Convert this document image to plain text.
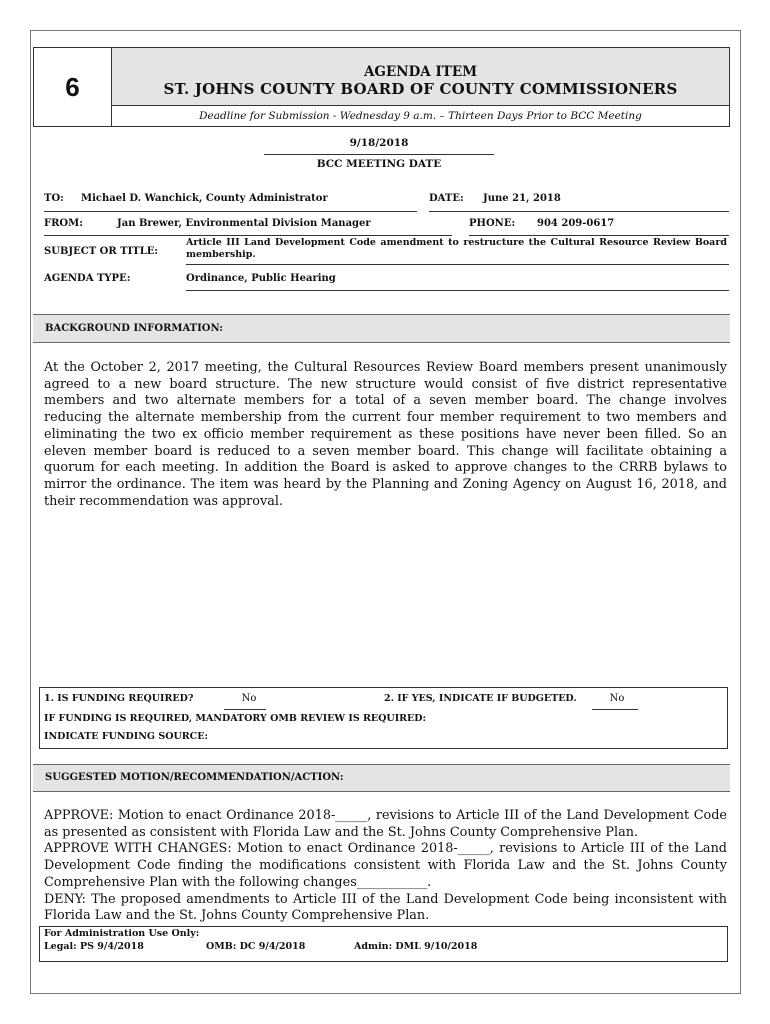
6	AGENDA ITEM
ST. JOHNS COUNTY BOARD OF COUNTY COMMISSIONERS
Deadline for Submission - Wednesday 9 a.m. – Thirteen Days Prior to BCC Meeting
9/18/2018
BCC MEETING DATE
TO: Michael D. Wanchick, County Administrator	DATE: June 21, 2018
FROM:	Jan Brewer, Environmental Division Manager	PHONE: 904 209-0617
SUBJECT OR TITLE:
Article III Land Development Code amendment to restructure the Cultural Resource Review Board membership.
AGENDA TYPE:	Ordinance, Public Hearing
BACKGROUND INFORMATION:
At the October 2, 2017 meeting, the Cultural Resources Review Board members present unanimously agreed to a new board structure. The new structure would consist of five district representative members and two alternate members for a total of a seven member board. The change involves reducing the alternate membership from the current four member requirement to two members and eliminating the two ex officio member requirement as these positions have never been filled. So an eleven member board is reduced to a seven member board. This change will facilitate obtaining a quorum for each meeting. In addition the Board is asked to approve changes to the CRRB bylaws to mirror the ordinance. The item was heard by the Planning and Zoning Agency on August 16, 2018, and their recommendation was approval.
1. IS FUNDING REQUIRED?	No	2. IF YES, INDICATE IF BUDGETED.	No
IF FUNDING IS REQUIRED, MANDATORY OMB REVIEW IS REQUIRED:
INDICATE FUNDING SOURCE:
SUGGESTED MOTION/RECOMMENDATION/ACTION:
APPROVE: Motion to enact Ordinance 2018-_____, revisions to Article III of the Land Development Code as presented as consistent with Florida Law and the St. Johns County Comprehensive Plan.
APPROVE WITH CHANGES: Motion to enact Ordinance 2018-_____, revisions to Article III of the Land Development Code finding the modifications consistent with Florida Law and the St. Johns County Comprehensive Plan with the following changes___________.
DENY: The proposed amendments to Article III of the Land Development Code being inconsistent with Florida Law and the St. Johns County Comprehensive Plan.
For Administration Use Only:
Legal: PS 9/4/2018	OMB: DC 9/4/2018	Admin: DML 9/10/2018
